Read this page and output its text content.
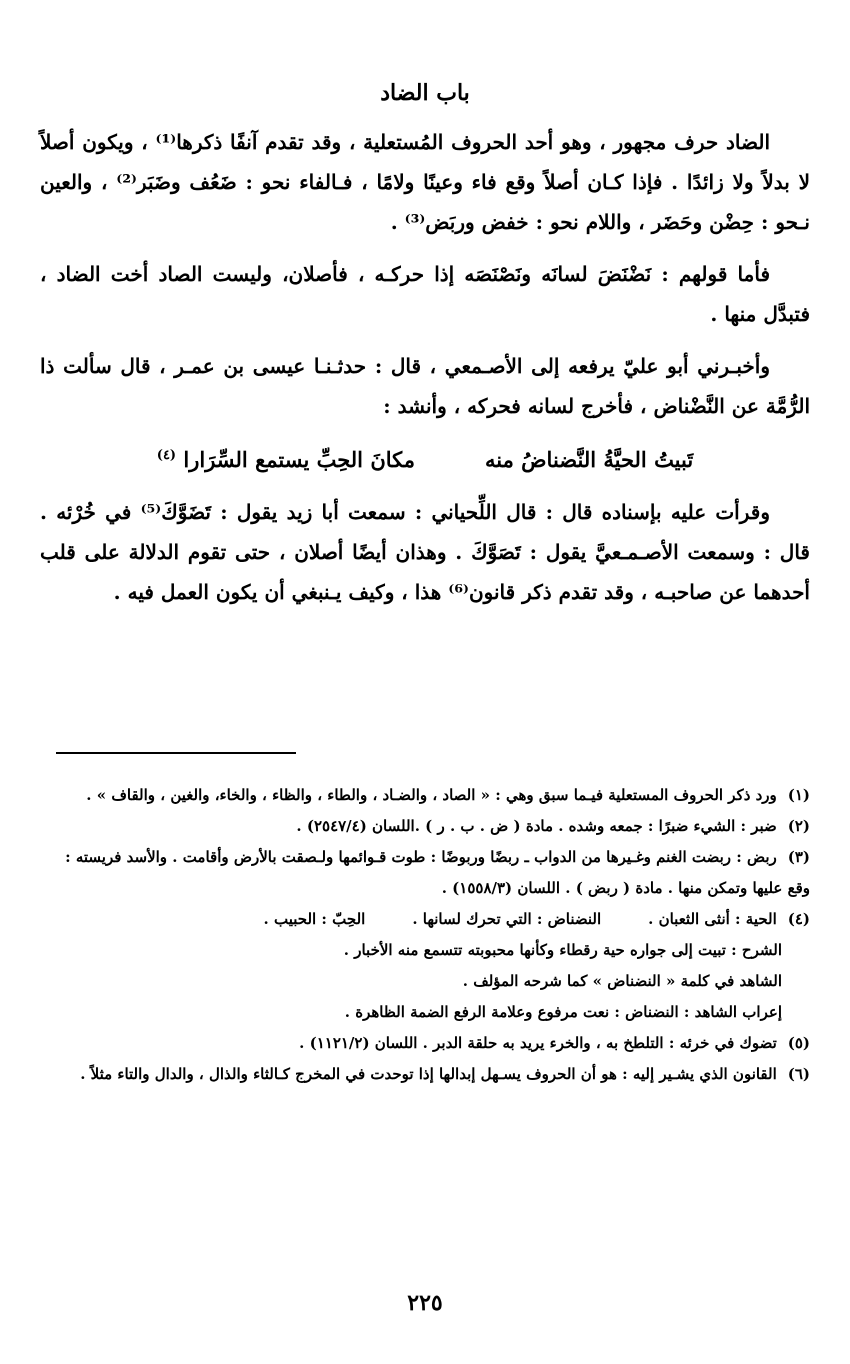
باب الضاد

الضاد حرف مجهور ، وهو أحد الحروف المُستعلية ، وقد تقدم آنفًا ذكرها⁽¹⁾ ، ويكون أصلاً لا بدلاً ولا زائدًا . فإذا كـان أصلاً وقع فاء وعينًا ولامًا ، فـالفاء نحو : ضَعُف وضَبَر⁽²⁾ ، والعين نـحو : حِضْن وحَضَر ، واللام نحو : خفض وربَض⁽³⁾ .

فأما قولهم : نَضْنَضَ لسانَه ونَصْنَصَه إذا حركـه ، فأصلان، وليست الصاد أخت الضاد ، فتبدَّل منها .

وأخبـرني أبو عليّ يرفعه إلى الأصـمعي ، قال : حدثـنـا عيسى بن عمـر ، قال سألت ذا الرُّمَّة عن النَّضْناض ، فأخرج لسانه فحركه ، وأنشد :

تَبيتُ الحيَّةُ النَّضناضُ منه
مكانَ الحِبِّ يستمع السِّرَارا $^{(٤)}$

وقرأت عليه بإسناده قال : قال اللِّحياني : سمعت أبا زيد يقول : تَضَوَّكَ⁽⁵⁾ في خُرْئه . قال : وسمعت الأصـمـعيَّ يقول : تَصَوَّكَ . وهذان أيضًا أصلان ، حتى تقوم الدلالة على قلب أحدهما عن صاحبـه ، وقد تقدم ذكر قانون⁽⁶⁾ هذا ، وكيف يـنبغي أن يكون العمل فيه .

(١) ورد ذكر الحروف المستعلية فيـما سبق وهي : « الصاد ، والضـاد ، والطاء ، والظاء ، والخاء، والغين ، والقاف » .

(٢) ضبر : الشيء ضبرًا : جمعه وشده . مادة ( ض . ب . ر ) .اللسان (٢٥٤٧/٤) .

(٣) ربض : ربضت الغنم وغـيرها من الدواب ـ ربضًا وربوضًا : طوت قـوائمها ولـصقت بالأرض وأقامت . والأسد فريسته : وقع عليها وتمكن منها . مادة ( ربض ) . اللسان (١٥٥٨/٣) .

(٤) الحية : أنثى الثعبان .         النضناض : التي تحرك لسانها .         الحِبّ : الحبيب .

الشرح : تبيت إلى جواره حية رقطاء وكأنها محبوبته تتسمع منه الأخبار .

الشاهد في كلمة « النضناض » كما شرحه المؤلف .

إعراب الشاهد : النضناض : نعت مرفوع وعلامة الرفع الضمة الظاهرة .

(٥) تضوك في خرئه : التلطخ به ، والخرء يريد به حلقة الدبر . اللسان (١١٢١/٢) .

(٦) القانون الذي يشـير إليه : هو أن الحروف يسـهل إبدالها إذا توحدت في المخرج كـالثاء والذال ، والدال والتاء مثلاً .

٢٢٥
